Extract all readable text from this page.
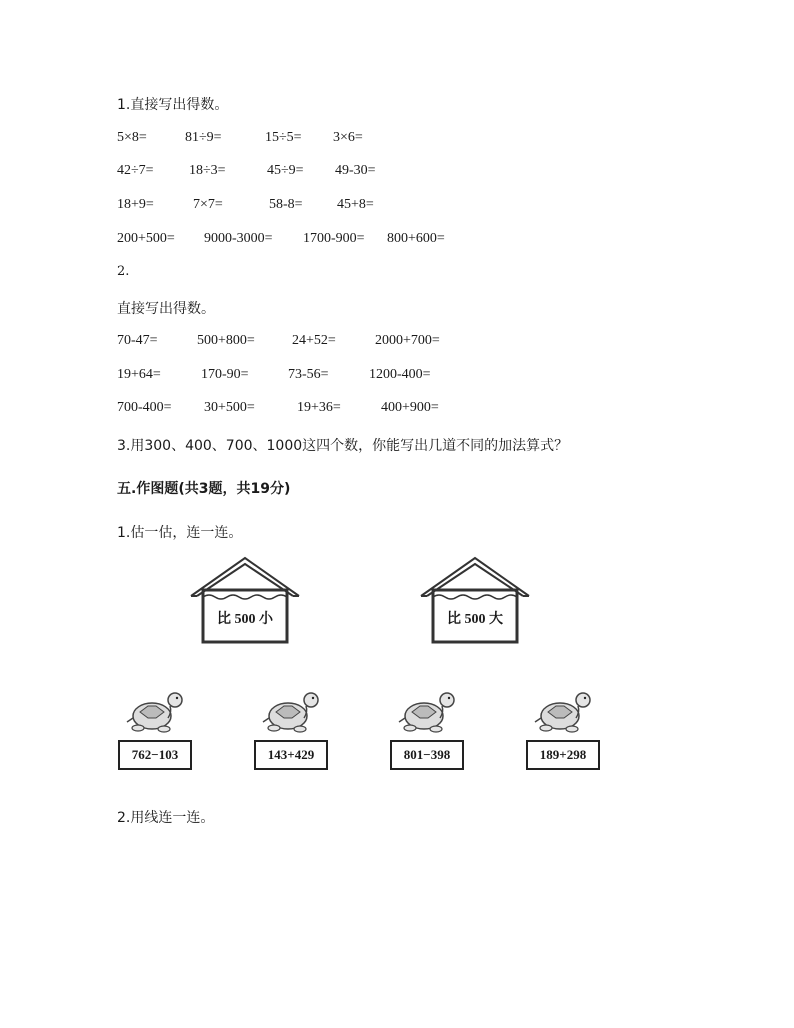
1.直接写出得数。
5×8=	81÷9=	15÷5= 3×6=
42÷7=	18÷3=	45÷9= 49-30=
18+9=	7×7=	58-8= 45+8=
200+500= 9000-3000= 1700-900= 800+600=
2.
直接写出得数。
70-47=	500+800=	24+52=	2000+700=
19+64=	170-90=	73-56=	1200-400=
700-400= 30+500=	19+36=	400+900=
3.用300、400、700、1000这四个数，你能写出几道不同的加法算式？
五.作图题(共3题，共19分)
1.估一估，连一连。
比 500 小	比 500 大
762−103	143+429	801−398	189+298
2.用线连一连。
